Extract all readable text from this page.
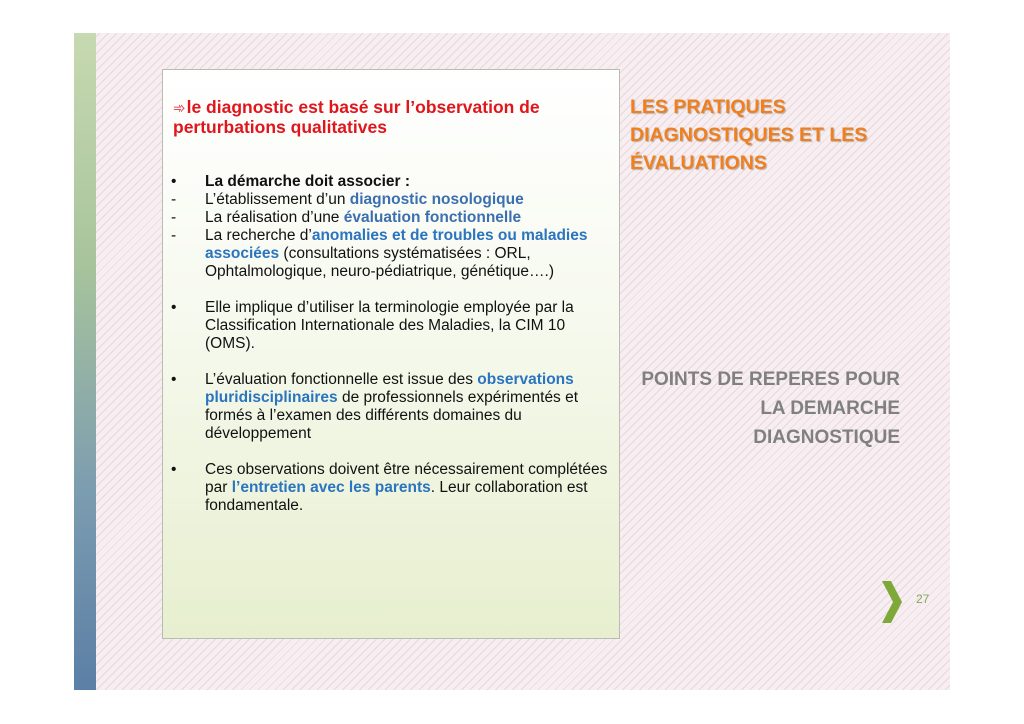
➾le diagnostic est basé sur l’observation de perturbations qualitatives
• La démarche doit associer :
- L’établissement d’un diagnostic nosologique
- La réalisation d’une évaluation fonctionnelle
- La recherche d’anomalies et de troubles ou maladies associées (consultations systématisées : ORL, Ophtalmologique, neuro-pédiatrique, génétique….)
• Elle implique d’utiliser la terminologie employée par la Classification Internationale des Maladies, la CIM 10 (OMS).
• L’évaluation fonctionnelle est issue des observations pluridisciplinaires de professionnels expérimentés et formés à l’examen des différents domaines du développement
• Ces observations doivent être nécessairement complétées par l’entretien avec les parents. Leur collaboration est fondamentale.
LES PRATIQUES DIAGNOSTIQUES ET LES ÉVALUATIONS
POINTS DE REPERES POUR
LA DEMARCHE
DIAGNOSTIQUE
27
